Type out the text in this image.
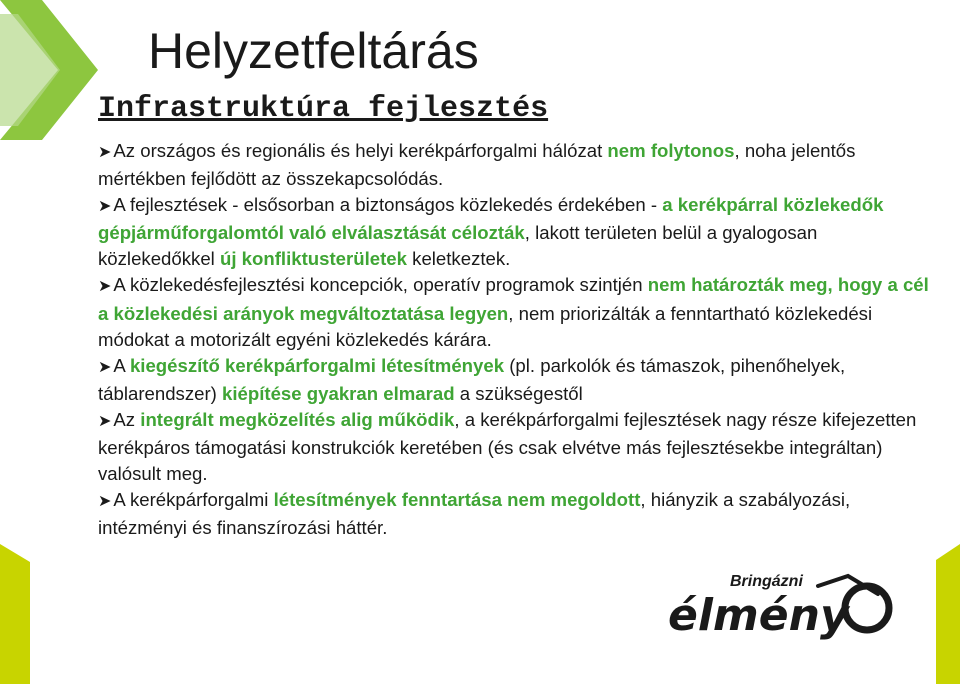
Helyzetfeltárás
Infrastruktúra fejlesztés

➤ Az országos és regionális és helyi kerékpárforgalmi hálózat nem folytonos, noha jelentős mértékben fejlődött az összekapcsolódás.

➤ A fejlesztések - elsősorban a biztonságos közlekedés érdekében - a kerékpárral közlekedők gépjárműforgalomtól való elválasztását célozták, lakott területen belül a gyalogosan közlekedőkkel új konfliktusterületek keletkeztek.

➤ A közlekedésfejlesztési koncepciók, operatív programok szintjén nem határozták meg, hogy a cél a közlekedési arányok megváltoztatása legyen, nem priorizálták a fenntartható közlekedési módokat a motorizált egyéni közlekedés kárára.

➤ A kiegészítő kerékpárforgalmi létesítmények (pl. parkolók és támaszok, pihenőhelyek, táblarendszer) kiépítése gyakran elmarad a szükségestől

➤ Az integrált megközelítés alig működik, a kerékpárforgalmi fejlesztések nagy része kifejezetten kerékpáros támogatási konstrukciók keretében (és csak elvétve más fejlesztésekbe integráltan) valósult meg.

➤ A kerékpárforgalmi létesítmények fenntartása nem megoldott, hiányzik a szabályozási, intézményi és finanszírozási háttér.

Bringázni
élmény
